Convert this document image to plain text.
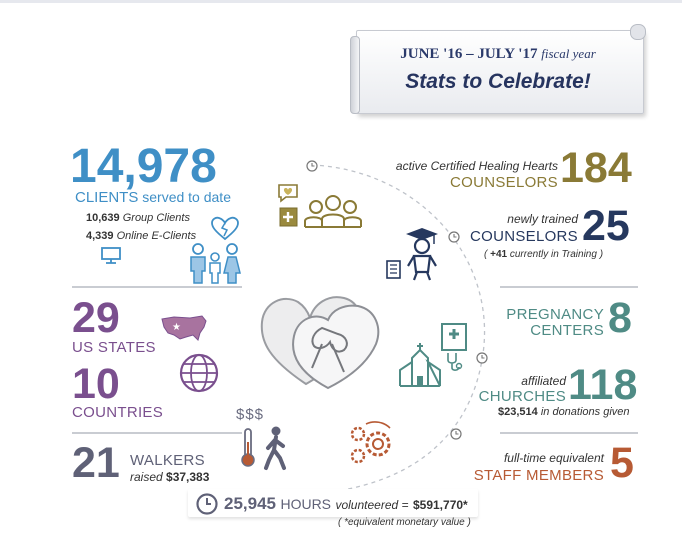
JUNE '16 – JULY '17 fiscal year
Stats to Celebrate!
14,978
CLIENTS served to date
10,639 Group Clients
4,339 Online E-Clients
29
US STATES
★
10
COUNTRIES
21 WALKERS
raised $37,383
$$$
active Certified Healing Hearts
COUNSELORS 184
newly trained
COUNSELORS 25
( +41 currently in Training )
PREGNANCY
CENTERS 8
affiliated
CHURCHES 118
$23,514 in donations given
full-time equivalent
STAFF MEMBERS 5
25,945 HOURS volunteered = $591,770*
( *equivalent monetary value )
